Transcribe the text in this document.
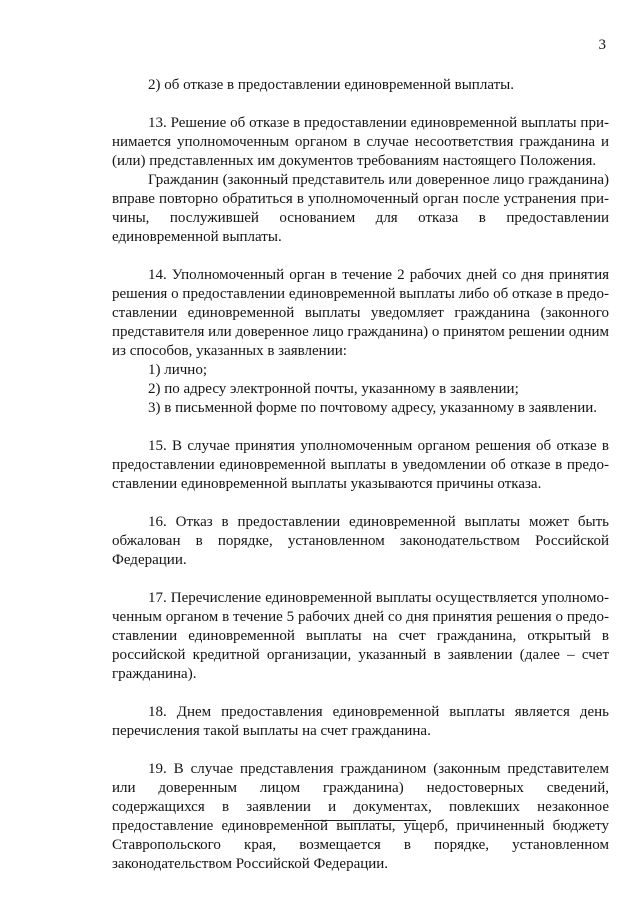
3

2) об отказе в предоставлении единовременной выплаты.

13. Решение об отказе в предоставлении единовременной выплаты принимается уполномоченным органом в случае несоответствия гражданина и (или) представленных им документов требованиям настоящего Положения.

Гражданин (законный представитель или доверенное лицо гражданина) вправе повторно обратиться в уполномоченный орган после устранения причины, послужившей основанием для отказа в предоставлении единовременной выплаты.

14. Уполномоченный орган в течение 2 рабочих дней со дня принятия решения о предоставлении единовременной выплаты либо об отказе в предоставлении единовременной выплаты уведомляет гражданина (законного представителя или доверенное лицо гражданина) о принятом решении одним из способов, указанных в заявлении:

1) лично;

2) по адресу электронной почты, указанному в заявлении;

3) в письменной форме по почтовому адресу, указанному в заявлении.

15. В случае принятия уполномоченным органом решения об отказе в предоставлении единовременной выплаты в уведомлении об отказе в предоставлении единовременной выплаты указываются причины отказа.

16. Отказ в предоставлении единовременной выплаты может быть обжалован в порядке, установленном законодательством Российской Федерации.

17. Перечисление единовременной выплаты осуществляется уполномоченным органом в течение 5 рабочих дней со дня принятия решения о предоставлении единовременной выплаты на счет гражданина, открытый в российской кредитной организации, указанный в заявлении (далее – счет гражданина).

18. Днем предоставления единовременной выплаты является день перечисления такой выплаты на счет гражданина.

19. В случае представления гражданином (законным представителем или доверенным лицом гражданина) недостоверных сведений, содержащихся в заявлении и документах, повлекших незаконное предоставление единовременной выплаты, ущерб, причиненный бюджету Ставропольского края, возмещается в порядке, установленном законодательством Российской Федерации.
